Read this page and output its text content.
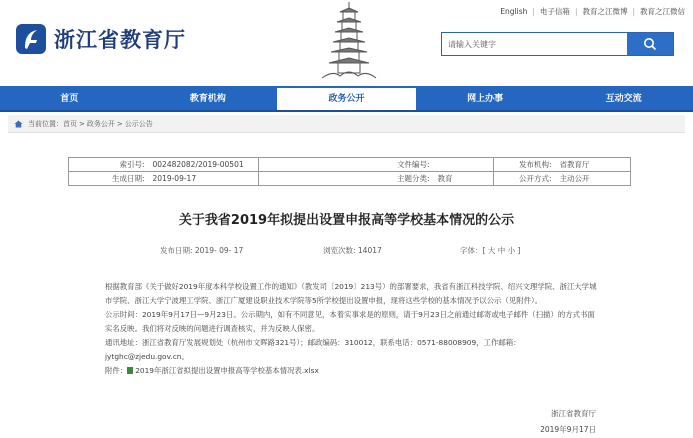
浙江省教育厅
English | 电子信箱 | 教育之江微博 | 教育之江微信
请输入关键字
首页	教育机构	政务公开	网上办事	互动交流
当前位置： 首页 > 政务公开 > 公示公告
索引号:	002482082/2019-00501	文件编号:		发布机构:	省教育厅
生成日期:	2019-09-17	主题分类:	教育	公开方式:	主动公开
关于我省2019年拟提出设置申报高等学校基本情况的公示
发布日期: 2019- 09- 17	浏览次数: 14017	字体：[ 大 中 小 ]

根据教育部《关于做好2019年度本科学校设置工作的通知》（教发司〔2019〕213号）的部署要求，我省有浙江科技学院、绍兴文理学院、浙江大学城市学院、浙江大学宁波理工学院、浙江广厦建设职业技术学院等5所学校提出设置申报，现将这些学校的基本情况予以公示（见附件）。

公示时间：2019年9月17日—9月23日。公示期内，如有不同意见，本着实事求是的原则，请于9月23日之前通过邮寄或电子邮件（扫描）的方式书面实名反映。我们将对反映的问题进行调查核实，并为反映人保密。

通讯地址：浙江省教育厅发展规划处（杭州市文晖路321号）；邮政编码：310012，联系电话：0571-88008909，工作邮箱：jytghc@zjedu.gov.cn。

附件： 2019年浙江省拟提出设置申报高等学校基本情况表.xlsx

浙江省教育厅
2019年9月17日
